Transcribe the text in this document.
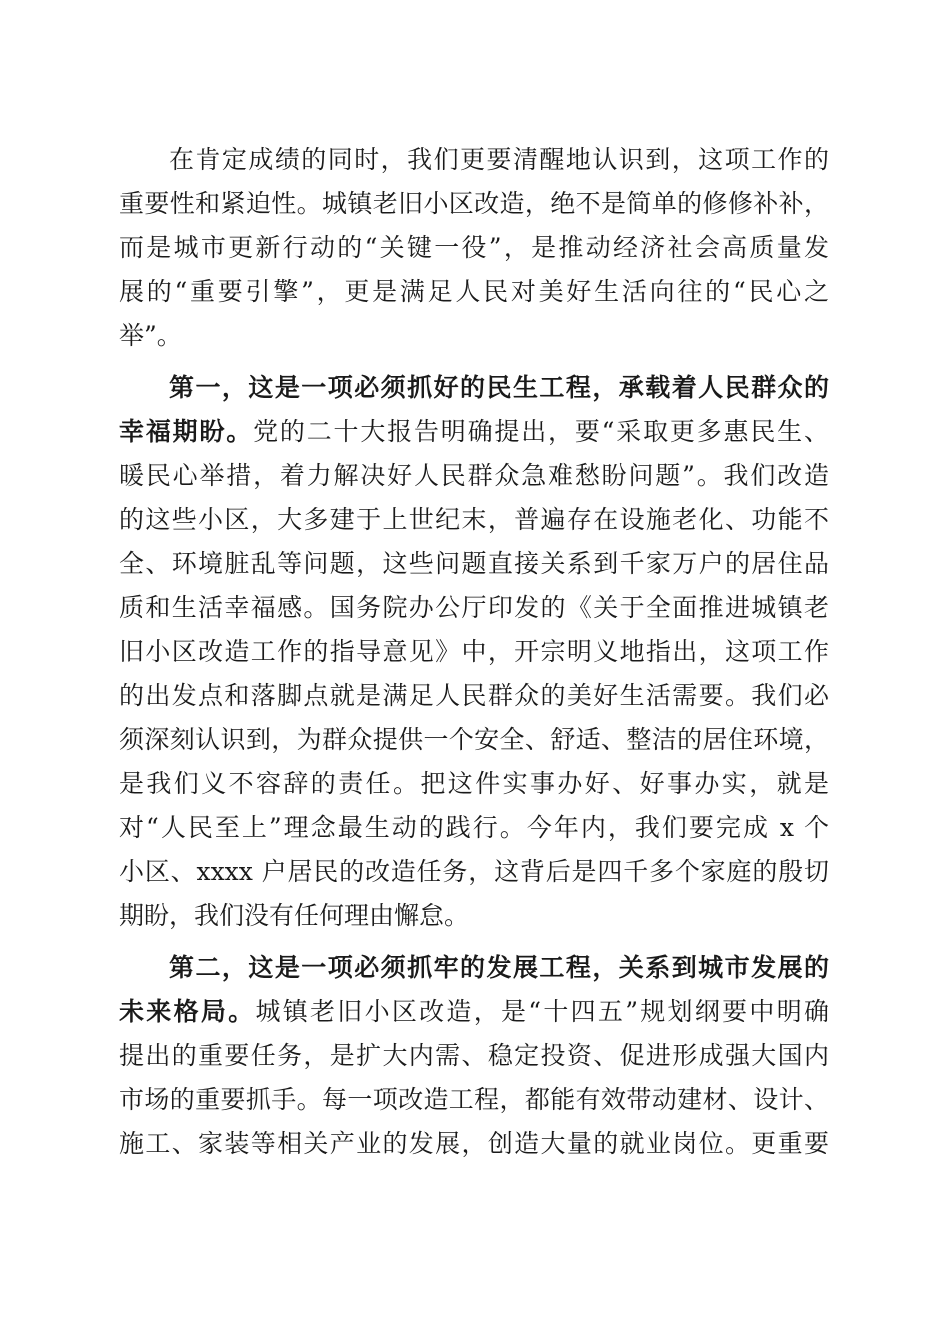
在肯定成绩的同时，我们更要清醒地认识到，这项工作的
重要性和紧迫性。城镇老旧小区改造，绝不是简单的修修补补，
而是城市更新行动的“关键一役”，是推动经济社会高质量发
展的“重要引擎”，更是满足人民对美好生活向往的“民心之
举”。
第一，这是一项必须抓好的民生工程，承载着人民群众的
幸福期盼。党的二十大报告明确提出，要“采取更多惠民生、
暖民心举措，着力解决好人民群众急难愁盼问题”。我们改造
的这些小区，大多建于上世纪末，普遍存在设施老化、功能不
全、环境脏乱等问题，这些问题直接关系到千家万户的居住品
质和生活幸福感。国务院办公厅印发的《关于全面推进城镇老
旧小区改造工作的指导意见》中，开宗明义地指出，这项工作
的出发点和落脚点就是满足人民群众的美好生活需要。我们必
须深刻认识到，为群众提供一个安全、舒适、整洁的居住环境，
是我们义不容辞的责任。把这件实事办好、好事办实，就是
对“人民至上”理念最生动的践行。今年内，我们要完成 x 个
小区、xxxx 户居民的改造任务，这背后是四千多个家庭的殷切
期盼，我们没有任何理由懈怠。
第二，这是一项必须抓牢的发展工程，关系到城市发展的
未来格局。城镇老旧小区改造，是“十四五”规划纲要中明确
提出的重要任务，是扩大内需、稳定投资、促进形成强大国内
市场的重要抓手。每一项改造工程，都能有效带动建材、设计、
施工、家装等相关产业的发展，创造大量的就业岗位。更重要
